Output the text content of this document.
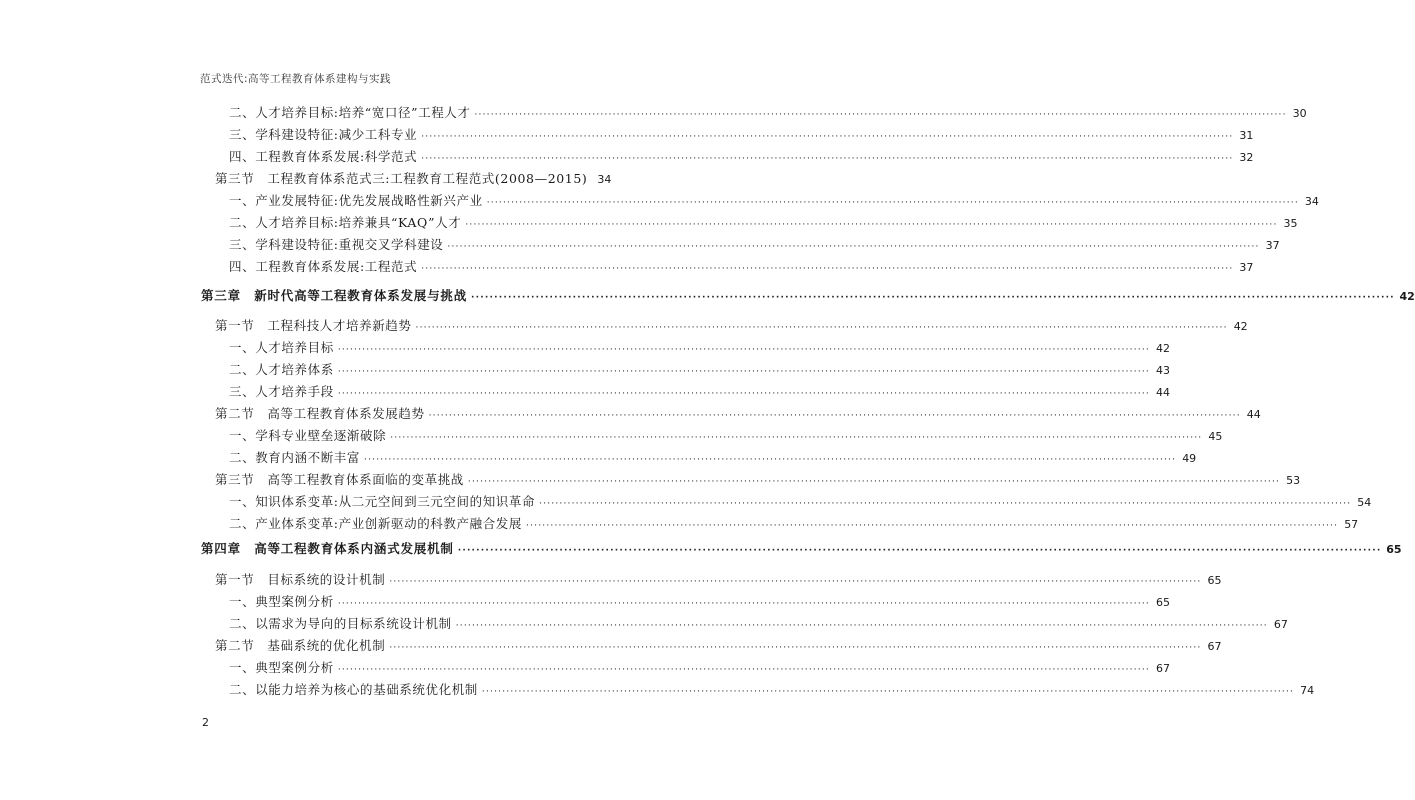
范式迭代:高等工程教育体系建构与实践
二、人才培养目标:培养“宽口径”工程人才 ········································································································································································································ 30
三、学科建设特征:减少工科专业 ········································································································································································································ 31
四、工程教育体系发展:科学范式 ········································································································································································································ 32
第三节　工程教育体系范式三:工程教育工程范式(2008—2015) 34
一、产业发展特征:优先发展战略性新兴产业 ········································································································································································································ 34
二、人才培养目标:培养兼具“KAQ”人才 ········································································································································································································ 35
三、学科建设特征:重视交叉学科建设 ········································································································································································································ 37
四、工程教育体系发展:工程范式 ········································································································································································································ 37
第三章　新时代高等工程教育体系发展与挑战 ········································································································································································································ 42
第一节　工程科技人才培养新趋势 ········································································································································································································ 42
一、人才培养目标 ········································································································································································································ 42
二、人才培养体系 ········································································································································································································ 43
三、人才培养手段 ········································································································································································································ 44
第二节　高等工程教育体系发展趋势 ········································································································································································································ 44
一、学科专业壁垒逐渐破除 ········································································································································································································ 45
二、教育内涵不断丰富 ········································································································································································································ 49
第三节　高等工程教育体系面临的变革挑战 ········································································································································································································ 53
一、知识体系变革:从二元空间到三元空间的知识革命 ········································································································································································································ 54
二、产业体系变革:产业创新驱动的科教产融合发展 ········································································································································································································ 57
第四章　高等工程教育体系内涵式发展机制 ········································································································································································································ 65
第一节　目标系统的设计机制 ········································································································································································································ 65
一、典型案例分析 ········································································································································································································ 65
二、以需求为导向的目标系统设计机制 ········································································································································································································ 67
第二节　基础系统的优化机制 ········································································································································································································ 67
一、典型案例分析 ········································································································································································································ 67
二、以能力培养为核心的基础系统优化机制 ········································································································································································································ 74
2
